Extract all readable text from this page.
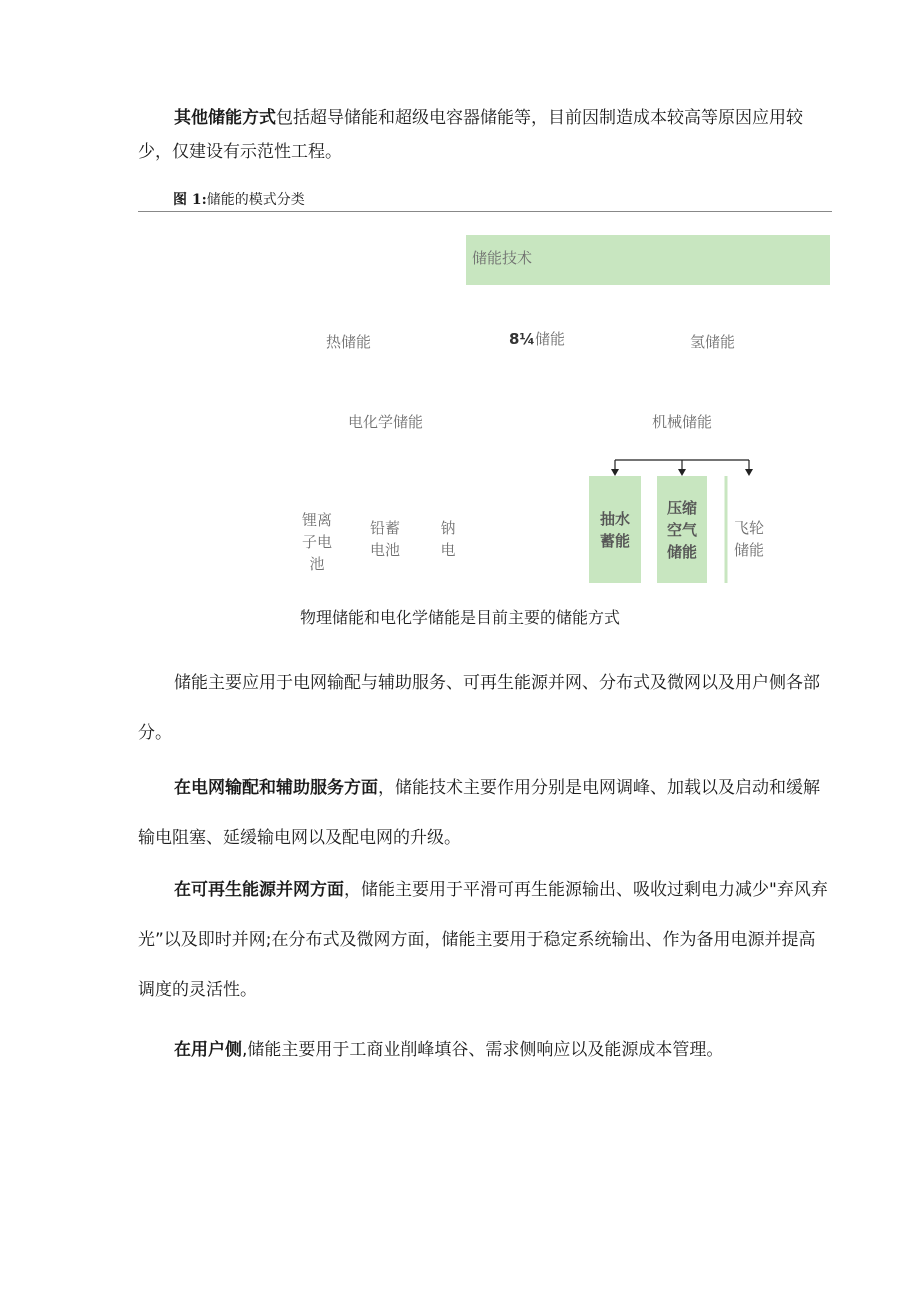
其他储能方式包括超导储能和超级电容器储能等，目前因制造成本较高等原因应用较少，仅建设有示范性工程。

图 1:储能的模式分类
储能技术
热储能	8¼储能	氢储能
电化学储能	机械储能
锂离子电池
铅蓄电池
钠电
抽水蓄能
压缩空气储能
飞轮储能
物理储能和电化学储能是目前主要的储能方式

储能主要应用于电网输配与辅助服务、可再生能源并网、分布式及微网以及用户侧各部分。

在电网输配和辅助服务方面，储能技术主要作用分别是电网调峰、加载以及启动和缓解输电阻塞、延缓输电网以及配电网的升级。

在可再生能源并网方面，储能主要用于平滑可再生能源输出、吸收过剩电力减少"弃风弃光”以及即时并网;在分布式及微网方面，储能主要用于稳定系统输出、作为备用电源并提高调度的灵活性。

在用户侧,储能主要用于工商业削峰填谷、需求侧响应以及能源成本管理。
